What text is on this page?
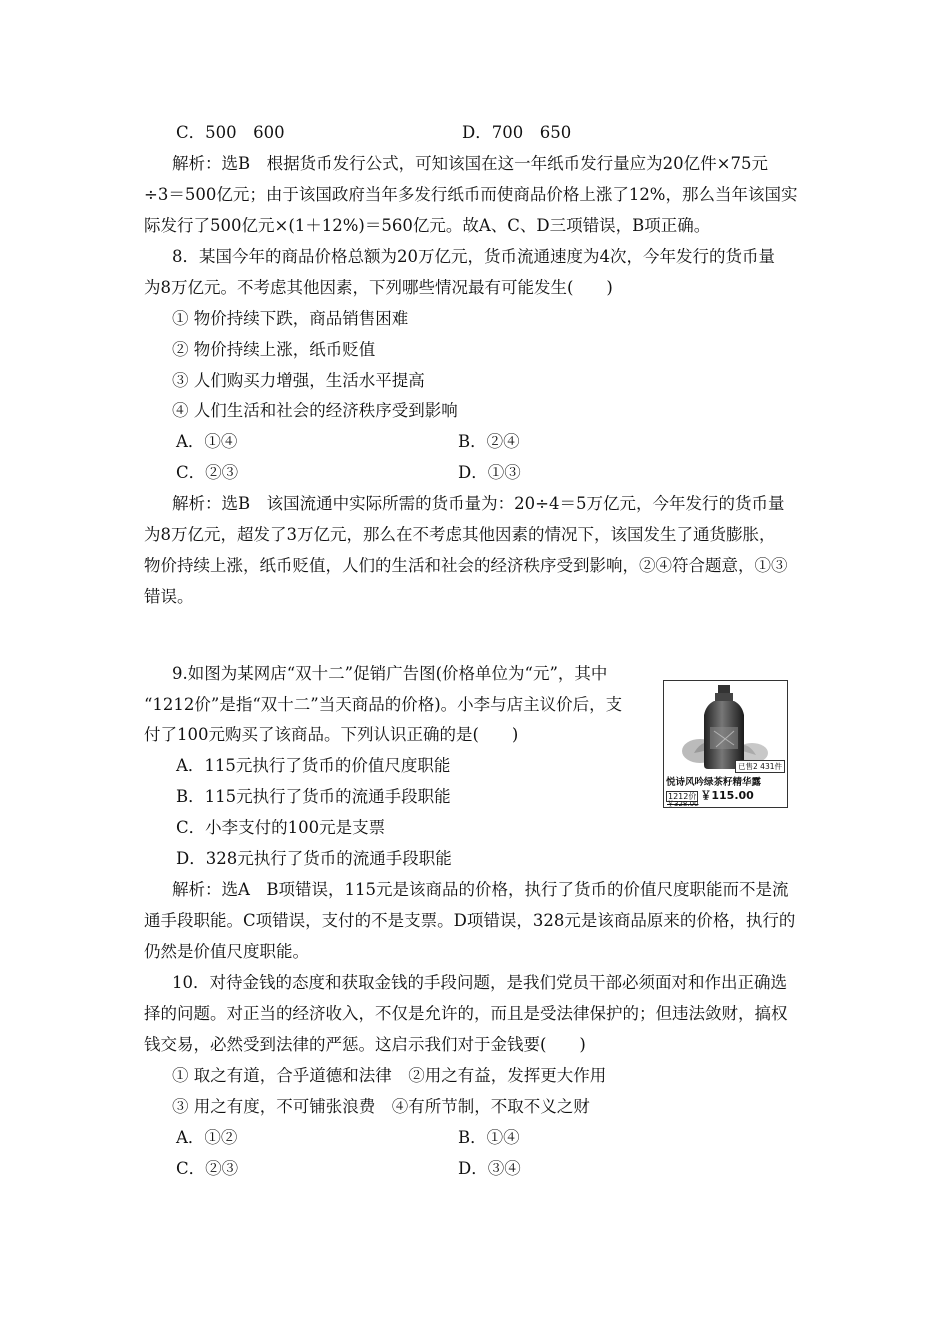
C．500　600	D．700　650
解析：选B　根据货币发行公式，可知该国在这一年纸币发行量应为20亿件×75元
÷3＝500亿元；由于该国政府当年多发行纸币而使商品价格上涨了12%，那么当年该国实
际发行了500亿元×(1＋12%)＝560亿元。故A、C、D三项错误，B项正确。
8．某国今年的商品价格总额为20万亿元，货币流通速度为4次，今年发行的货币量
为8万亿元。不考虑其他因素，下列哪些情况最有可能发生(　　)
① 物价持续下跌，商品销售困难
② 物价持续上涨，纸币贬值
③ 人们购买力增强，生活水平提高
④ 人们生活和社会的经济秩序受到影响
A．①④	B．②④
C．②③	D．①③
解析：选B　该国流通中实际所需的货币量为：20÷4＝5万亿元，今年发行的货币量
为8万亿元，超发了3万亿元，那么在不考虑其他因素的情况下，该国发生了通货膨胀，
物价持续上涨，纸币贬值，人们的生活和社会的经济秩序受到影响，②④符合题意，①③
错误。
9.如图为某网店“双十二”促销广告图(价格单位为“元”，其中
“1212价”是指“双十二”当天商品的价格)。小李与店主议价后，支
付了100元购买了该商品。下列认识正确的是(　　)
已售2 431件
悦诗风吟绿茶籽精华露
1212价 ￥115.00
￥328.00
A．115元执行了货币的价值尺度职能
B．115元执行了货币的流通手段职能
C．小李支付的100元是支票
D．328元执行了货币的流通手段职能
解析：选A　B项错误，115元是该商品的价格，执行了货币的价值尺度职能而不是流
通手段职能。C项错误，支付的不是支票。D项错误，328元是该商品原来的价格，执行的
仍然是价值尺度职能。
10．对待金钱的态度和获取金钱的手段问题，是我们党员干部必须面对和作出正确选
择的问题。对正当的经济收入，不仅是允许的，而且是受法律保护的；但违法敛财，搞权
钱交易，必然受到法律的严惩。这启示我们对于金钱要(　　)
① 取之有道，合乎道德和法律　②用之有益，发挥更大作用
③ 用之有度，不可铺张浪费　④有所节制，不取不义之财
A．①②	B．①④
C．②③	D．③④
